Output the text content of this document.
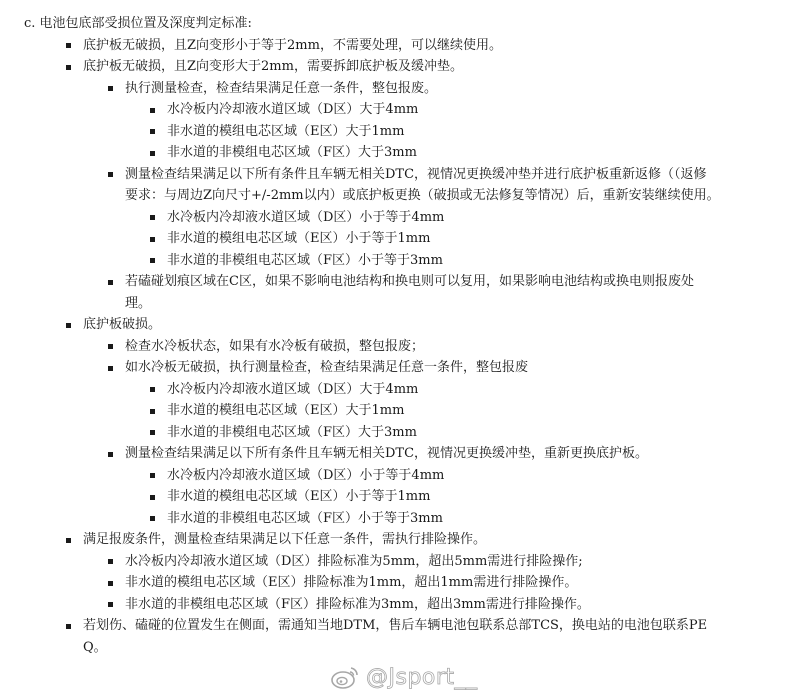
c. 电池包底部受损位置及深度判定标准:
底护板无破损，且Z向变形小于等于2mm，不需要处理，可以继续使用。
底护板无破损，且Z向变形大于2mm，需要拆卸底护板及缓冲垫。
执行测量检查，检查结果满足任意一条件，整包报废。
水冷板内冷却液水道区域（D区）大于4mm
非水道的模组电芯区域（E区）大于1mm
非水道的非模组电芯区域（F区）大于3mm
测量检查结果满足以下所有条件且车辆无相关DTC，视情况更换缓冲垫并进行底护板重新返修（（返修
要求：与周边Z向尺寸+/-2mm以内）或底护板更换（破损或无法修复等情况）后，重新安装继续使用。
水冷板内冷却液水道区域（D区）小于等于4mm
非水道的模组电芯区域（E区）小于等于1mm
非水道的非模组电芯区域（F区）小于等于3mm
若磕碰划痕区域在C区，如果不影响电池结构和换电则可以复用，如果影响电池结构或换电则报废处
理。
底护板破损。
检查水冷板状态，如果有水冷板有破损，整包报废；
如水冷板无破损，执行测量检查，检查结果满足任意一条件，整包报废
水冷板内冷却液水道区域（D区）大于4mm
非水道的模组电芯区域（E区）大于1mm
非水道的非模组电芯区域（F区）大于3mm
测量检查结果满足以下所有条件且车辆无相关DTC，视情况更换缓冲垫，重新更换底护板。
水冷板内冷却液水道区域（D区）小于等于4mm
非水道的模组电芯区域（E区）小于等于1mm
非水道的非模组电芯区域（F区）小于等于3mm
满足报废条件，测量检查结果满足以下任意一条件，需执行排险操作。
水冷板内冷却液水道区域（D区）排险标准为5mm，超出5mm需进行排险操作;
非水道的模组电芯区域（E区）排险标准为1mm，超出1mm需进行排险操作。
非水道的非模组电芯区域（F区）排险标准为3mm，超出3mm需进行排险操作。
若划伤、磕碰的位置发生在侧面，需通知当地DTM，售后车辆电池包联系总部TCS，换电站的电池包联系PE
Q。
@Jsport__
